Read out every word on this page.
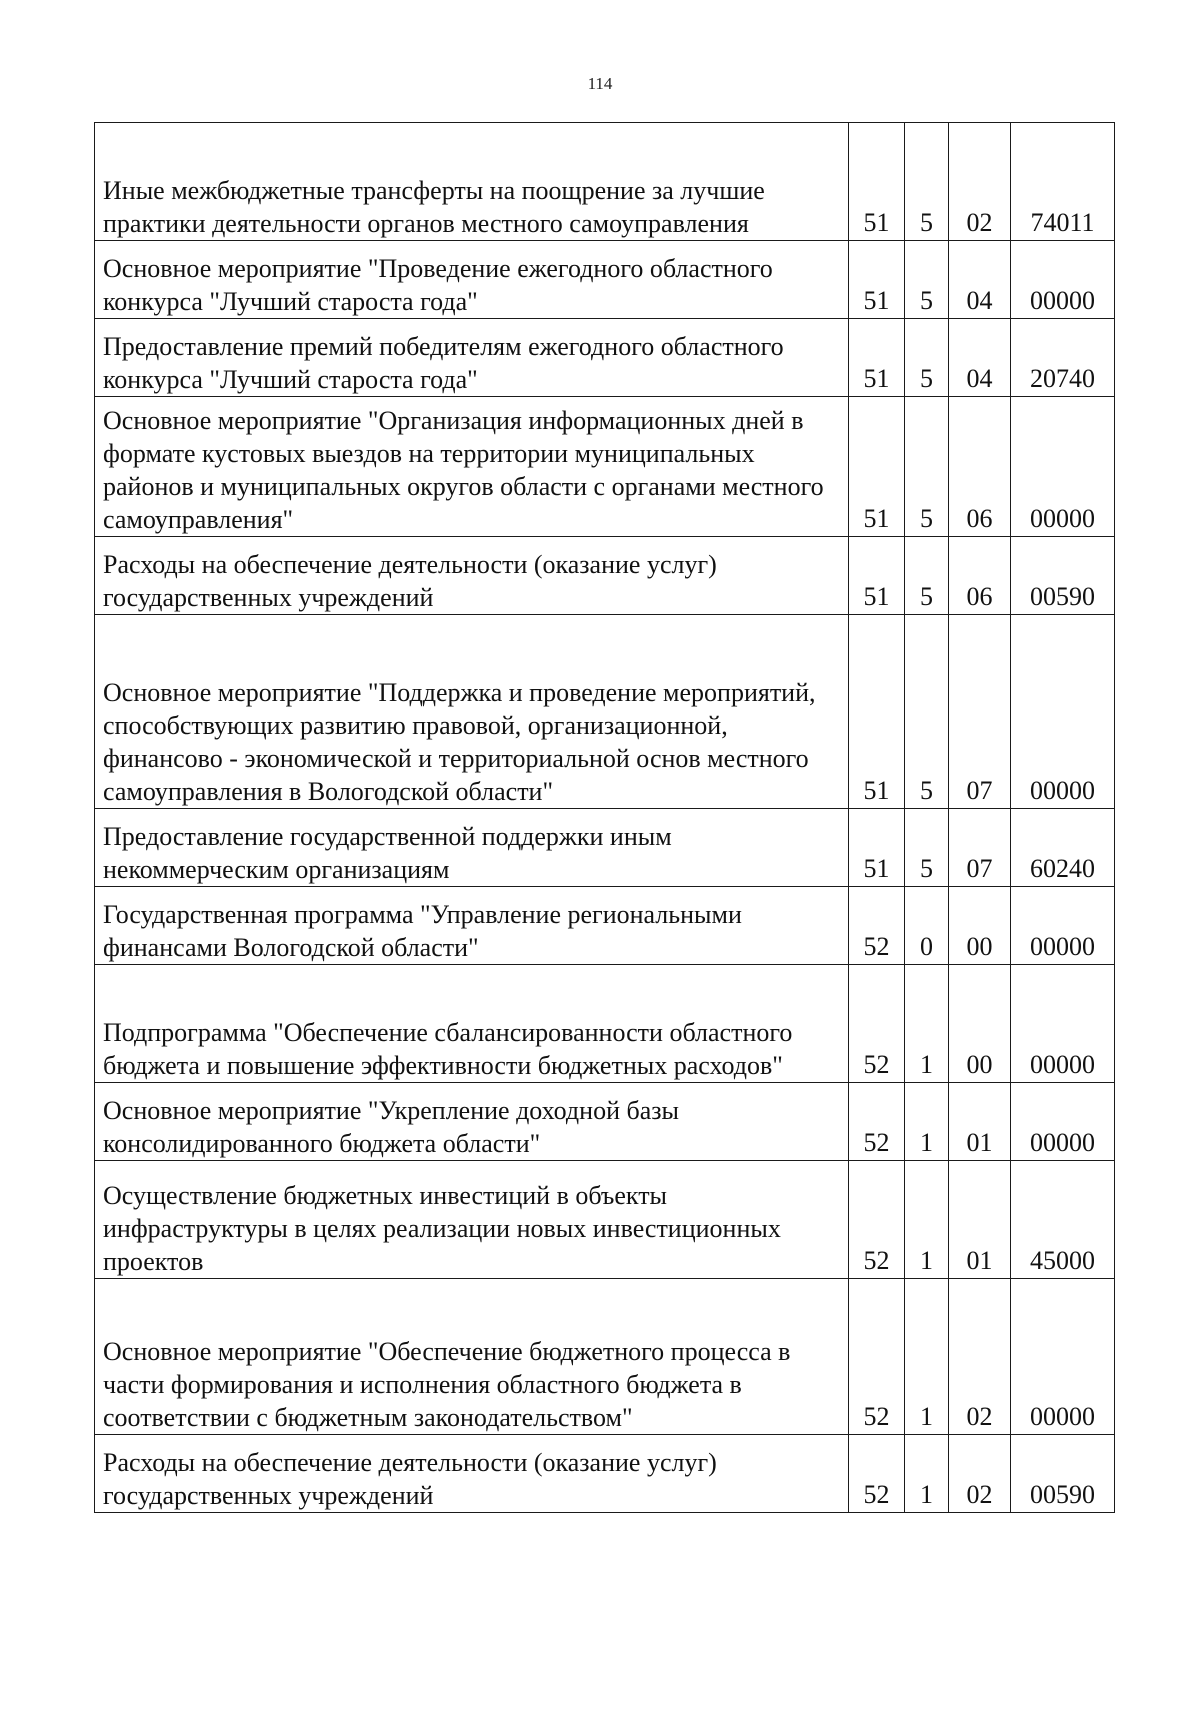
114
Иные межбюджетные трансферты на поощрение за лучшие практики деятельности органов местного самоуправления	51	5	02	74011
Основное мероприятие "Проведение ежегодного областного конкурса "Лучший староста года"	51	5	04	00000
Предоставление премий победителям ежегодного областного конкурса "Лучший староста года"	51	5	04	20740
Основное мероприятие "Организация информационных дней в формате кустовых выездов на территории муниципальных районов и муниципальных округов области с органами местного самоуправления"	51	5	06	00000
Расходы на обеспечение деятельности (оказание услуг) государственных учреждений	51	5	06	00590
Основное мероприятие "Поддержка и проведение мероприятий, способствующих развитию правовой, организационной, финансово - экономической и территориальной основ местного самоуправления в Вологодской области"	51	5	07	00000
Предоставление государственной поддержки иным некоммерческим организациям	51	5	07	60240
Государственная программа "Управление региональными финансами Вологодской области"	52	0	00	00000
Подпрограмма "Обеспечение сбалансированности областного бюджета и повышение эффективности бюджетных расходов"	52	1	00	00000
Основное мероприятие "Укрепление доходной базы консолидированного бюджета области"	52	1	01	00000
Осуществление бюджетных инвестиций в объекты инфраструктуры в целях реализации новых инвестиционных проектов	52	1	01	45000
Основное мероприятие "Обеспечение бюджетного процесса в части формирования и исполнения областного бюджета в соответствии с бюджетным законодательством"	52	1	02	00000
Расходы на обеспечение деятельности (оказание услуг) государственных учреждений	52	1	02	00590
